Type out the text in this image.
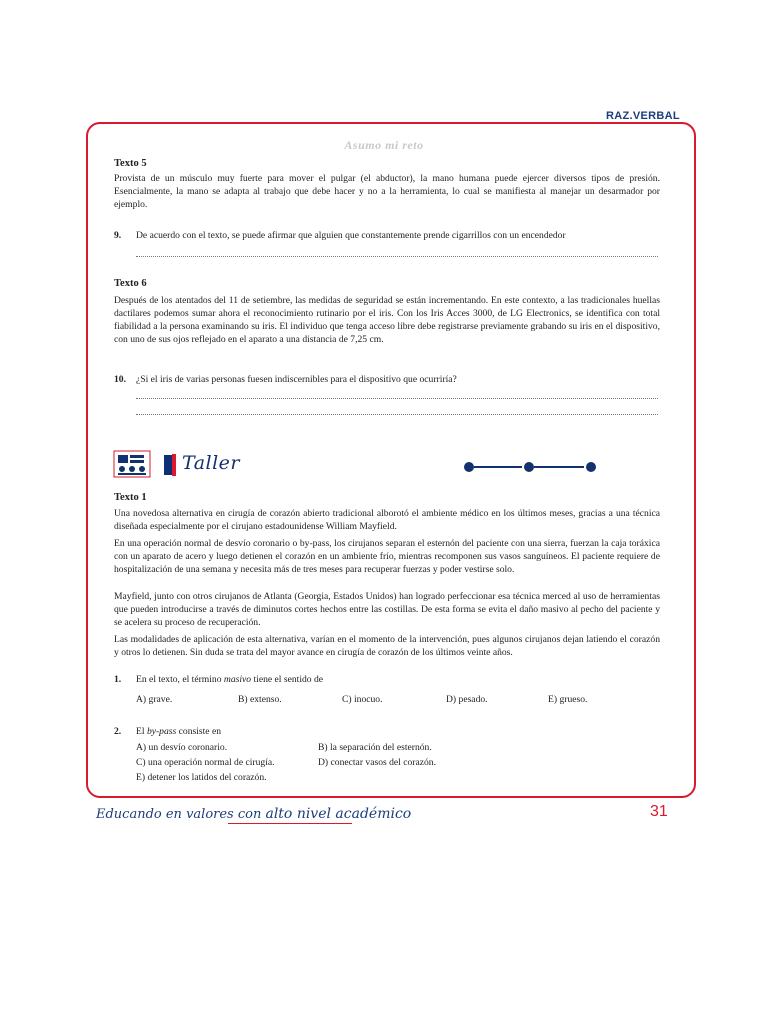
RAZ.VERBAL
Asumo mi reto
Texto 5
Provista de un músculo muy fuerte para mover el pulgar (el abductor), la mano humana puede ejercer diversos tipos de presión. Esencialmente, la mano se adapta al trabajo que debe hacer y no a la herramienta, lo cual se manifiesta al manejar un desarmador por ejemplo.
9. De acuerdo con el texto, se puede afirmar que alguien que constantemente prende cigarrillos con un encendedor
Texto 6
Después de los atentados del 11 de setiembre, las medidas de seguridad se están incrementando. En este contexto, a las tradicionales huellas dactilares podemos sumar ahora el reconocimiento rutinario por el iris. Con los Iris Acces 3000, de LG Electronics, se identifica con total fiabilidad a la persona examinando su iris. El individuo que tenga acceso libre debe registrarse previamente grabando su iris en el dispositivo, con uno de sus ojos reflejado en el aparato a una distancia de 7,25 cm.
10. ¿Si el iris de varias personas fuesen indiscernibles para el dispositivo que ocurriría?
Taller
Texto 1
Una novedosa alternativa en cirugía de corazón abierto tradicional alborotó el ambiente médico en los últimos meses, gracias a una técnica diseñada especialmente por el cirujano estadounidense William Mayfield.
En una operación normal de desvío coronario o by-pass, los cirujanos separan el esternón del paciente con una sierra, fuerzan la caja toráxica con un aparato de acero y luego detienen el corazón en un ambiente frío, mientras recomponen sus vasos sanguíneos. El paciente requiere de hospitalización de una semana y necesita más de tres meses para recuperar fuerzas y poder vestirse solo.
Mayfield, junto con otros cirujanos de Atlanta (Georgia, Estados Unidos) han logrado perfeccionar esa técnica merced al uso de herramientas que pueden introducirse a través de diminutos cortes hechos entre las costillas. De esta forma se evita el daño masivo al pecho del paciente y se acelera su proceso de recuperación.
Las modalidades de aplicación de esta alternativa, varían en el momento de la intervención, pues algunos cirujanos dejan latiendo el corazón y otros lo detienen. Sin duda se trata del mayor avance en cirugía de corazón de los últimos veinte años.
1. En el texto, el término masivo tiene el sentido de
A) grave.	B) extenso.	C) inocuo.	D) pesado.	E) grueso.
2. El by-pass consiste en
A) un desvío coronario.	B) la separación del esternón.
C) una operación normal de cirugía.	D) conectar vasos del corazón.
E) detener los latidos del corazón.
Educando en valores con alto nivel académico	31
